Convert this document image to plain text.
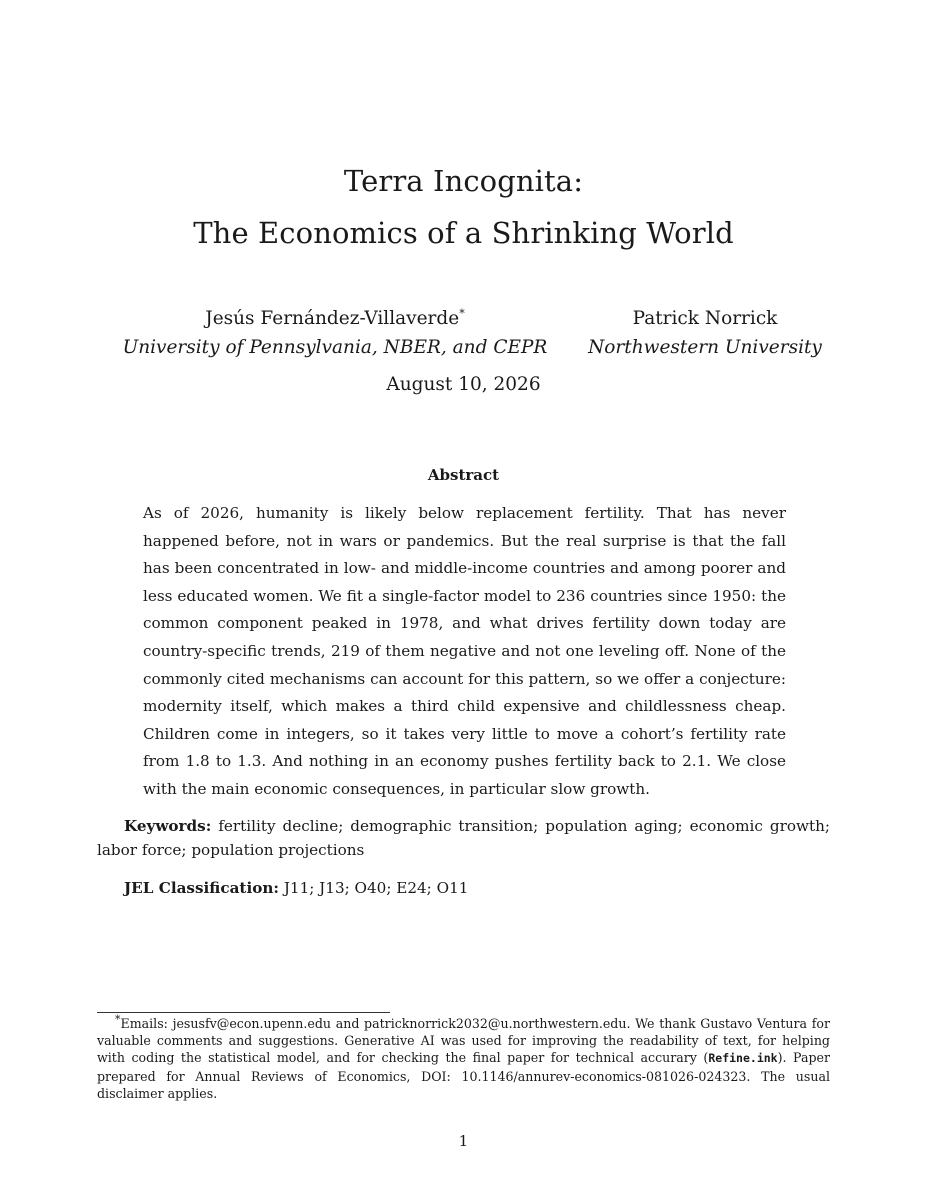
Terra Incognita:
The Economics of a Shrinking World
Jesús Fernández-Villaverde*
University of Pennsylvania, NBER, and CEPR
Patrick Norrick
Northwestern University
August 10, 2026
Abstract

As of 2026, humanity is likely below replacement fertility. That has never happened before, not in wars or pandemics. But the real surprise is that the fall has been concentrated in low- and middle-income countries and among poorer and less educated women. We fit a single-factor model to 236 countries since 1950: the common component peaked in 1978, and what drives fertility down today are country-specific trends, 219 of them negative and not one leveling off. None of the commonly cited mechanisms can account for this pattern, so we offer a conjecture: modernity itself, which makes a third child expensive and childlessness cheap. Children come in integers, so it takes very little to move a cohort’s fertility rate from 1.8 to 1.3. And nothing in an economy pushes fertility back to 2.1. We close with the main economic consequences, in particular slow growth.

Keywords: fertility decline; demographic transition; population aging; economic growth; labor force; population projections

JEL Classification: J11; J13; O40; E24; O11

*Emails: jesusfv@econ.upenn.edu and patricknorrick2032@u.northwestern.edu. We thank Gustavo Ventura for valuable comments and suggestions. Generative AI was used for improving the readability of text, for helping with coding the statistical model, and for checking the final paper for technical accurary (Refine.ink). Paper prepared for Annual Reviews of Economics, DOI: 10.1146/annurev-economics-081026-024323. The usual disclaimer applies.

1
